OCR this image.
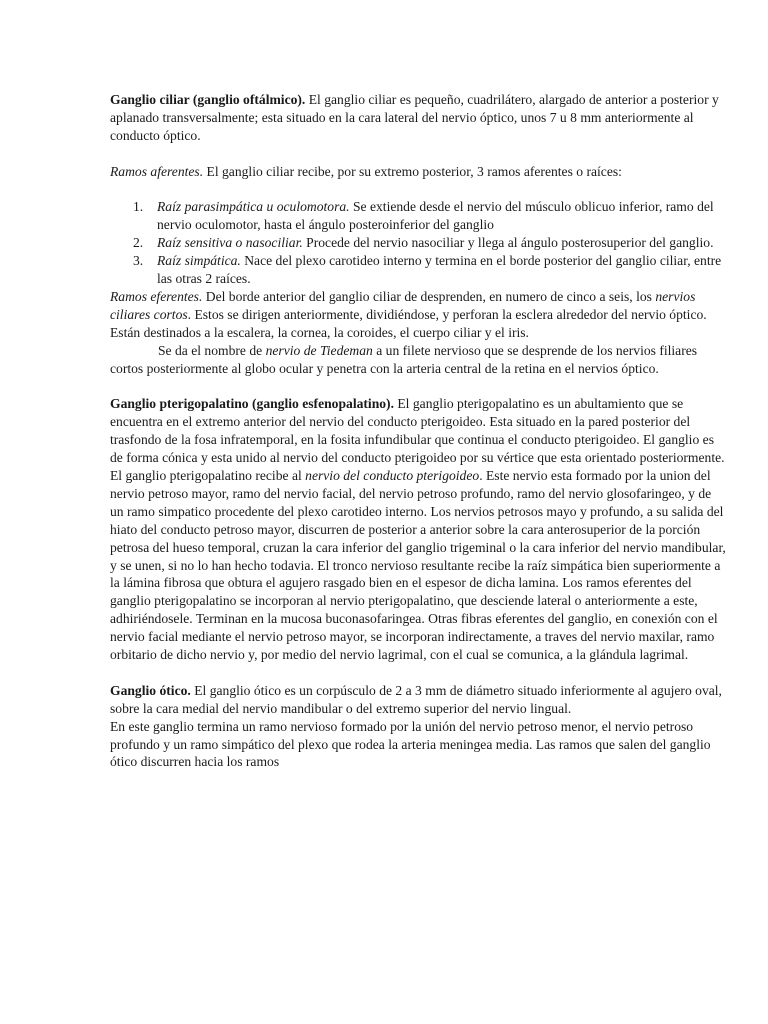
Ganglio ciliar (ganglio oftálmico). El ganglio ciliar es pequeño, cuadrilátero, alargado de anterior a posterior y aplanado transversalmente; esta situado en la cara lateral del nervio óptico, unos 7 u 8 mm anteriormente al conducto óptico.

Ramos aferentes. El ganglio ciliar recibe, por su extremo posterior, 3 ramos aferentes o raíces:

1. Raíz parasimpática u oculomotora. Se extiende desde el nervio del músculo oblicuo inferior, ramo del nervio oculomotor, hasta el ángulo posteroinferior del ganglio
2. Raíz sensitiva o nasociliar. Procede del nervio nasociliar y llega al ángulo posterosuperior del ganglio.
3. Raíz simpática. Nace del plexo carotideo interno y termina en el borde posterior del ganglio ciliar, entre las otras 2 raíces.

Ramos eferentes. Del borde anterior del ganglio ciliar de desprenden, en numero de cinco a seis, los nervios ciliares cortos. Estos se dirigen anteriormente, dividiéndose, y perforan la esclera alrededor del nervio óptico. Están destinados a la escalera, la cornea, la coroides, el cuerpo ciliar y el iris.

Se da el nombre de nervio de Tiedeman a un filete nervioso que se desprende de los nervios filiares cortos posteriormente al globo ocular y penetra con la arteria central de la retina en el nervios óptico.

Ganglio pterigopalatino (ganglio esfenopalatino). El ganglio pterigopalatino es un abultamiento que se encuentra en el extremo anterior del nervio del conducto pterigoideo. Esta situado en la pared posterior del trasfondo de la fosa infratemporal, en la fosita infundibular que continua el conducto pterigoideo. El ganglio es de forma cónica y esta unido al nervio del conducto pterigoideo por su vértice que esta orientado posteriormente.

El ganglio pterigopalatino recibe al nervio del conducto pterigoideo. Este nervio esta formado por la union del nervio petroso mayor, ramo del nervio facial, del nervio petroso profundo, ramo del nervio glosofaringeo, y de un ramo simpatico procedente del plexo carotideo interno. Los nervios petrosos mayo y profundo, a su salida del hiato del conducto petroso mayor, discurren de posterior a anterior sobre la cara anterosuperior de la porción petrosa del hueso temporal, cruzan la cara inferior del ganglio trigeminal o la cara inferior del nervio mandibular, y se unen, si no lo han hecho todavia. El tronco nervioso resultante recibe la raíz simpática bien superiormente a la lámina fibrosa que obtura el agujero rasgado bien en el espesor de dicha lamina. Los ramos eferentes del ganglio pterigopalatino se incorporan al nervio pterigopalatino, que desciende lateral o anteriormente a este, adhiriéndosele. Terminan en la mucosa buconasofaringea. Otras fibras eferentes del ganglio, en conexión con el nervio facial mediante el nervio petroso mayor, se incorporan indirectamente, a traves del nervio maxilar, ramo orbitario de dicho nervio y, por medio del nervio lagrimal, con el cual se comunica, a la glándula lagrimal.

Ganglio ótico. El ganglio ótico es un corpúsculo de 2 a 3 mm de diámetro situado inferiormente al agujero oval, sobre la cara medial del nervio mandibular o del extremo superior del nervio lingual.

En este ganglio termina un ramo nervioso formado por la unión del nervio petroso menor, el nervio petroso profundo y un ramo simpático del plexo que rodea la arteria meningea media. Las ramos que salen del ganglio ótico discurren hacia los ramos
